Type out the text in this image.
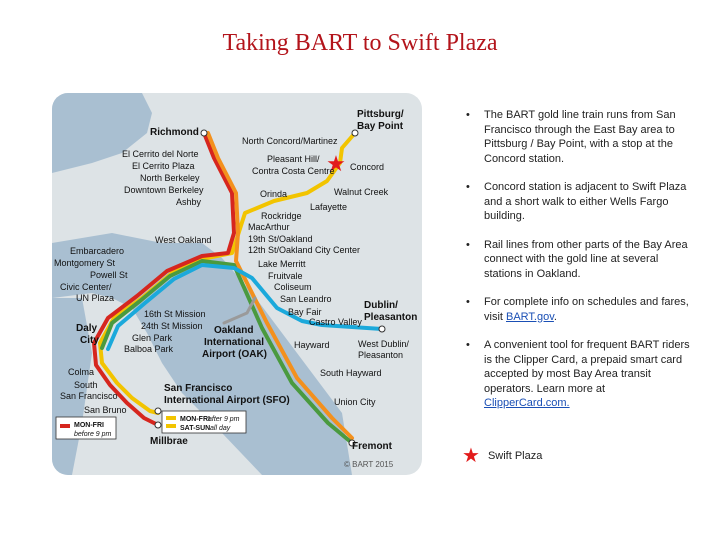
Taking BART to Swift Plaza
★
Richmond
El Cerrito del Norte
El Cerrito Plaza
North Berkeley
Downtown Berkeley
Ashby
Pittsburg/
Bay Point
North Concord/Martinez
Pleasant Hill/
Contra Costa Centre Concord
Walnut Creek
Orinda
Lafayette
Rockridge
MacArthur
19th St/Oakland
12th St/Oakland City Center
West Oakland
Embarcadero
Montgomery St
Powell St
Civic Center/
UN Plaza
Lake Merritt
Fruitvale
Coliseum
San Leandro
Bay Fair
Castro Valley
Dublin/
Pleasanton
West Dublin/
Pleasanton
16th St Mission
24th St Mission
Glen Park
Balboa Park
Daly
City
Oakland
International
Airport (OAK)
Hayward
South Hayward
Union City
Fremont
Colma
South
San Francisco
San Francisco
International Airport (SFO)
San Bruno
Millbrae
MON-FRI
before 9 pm
MON-FRI
after 9 pm
SAT-SUN all day
© BART 2015
• The BART gold line train runs from San Francisco through the East Bay area to Pittsburg / Bay Point, with a stop at the Concord station.
• Concord station is adjacent to Swift Plaza and a short walk to either Wells Fargo building.
• Rail lines from other parts of the Bay Area connect with the gold line at several stations in Oakland.
• For complete info on schedules and fares, visit BART.gov.
• A convenient tool for frequent BART riders is the Clipper Card, a prepaid smart card accepted by most Bay Area transit operators. Learn more at ClipperCard.com.
★ Swift Plaza
